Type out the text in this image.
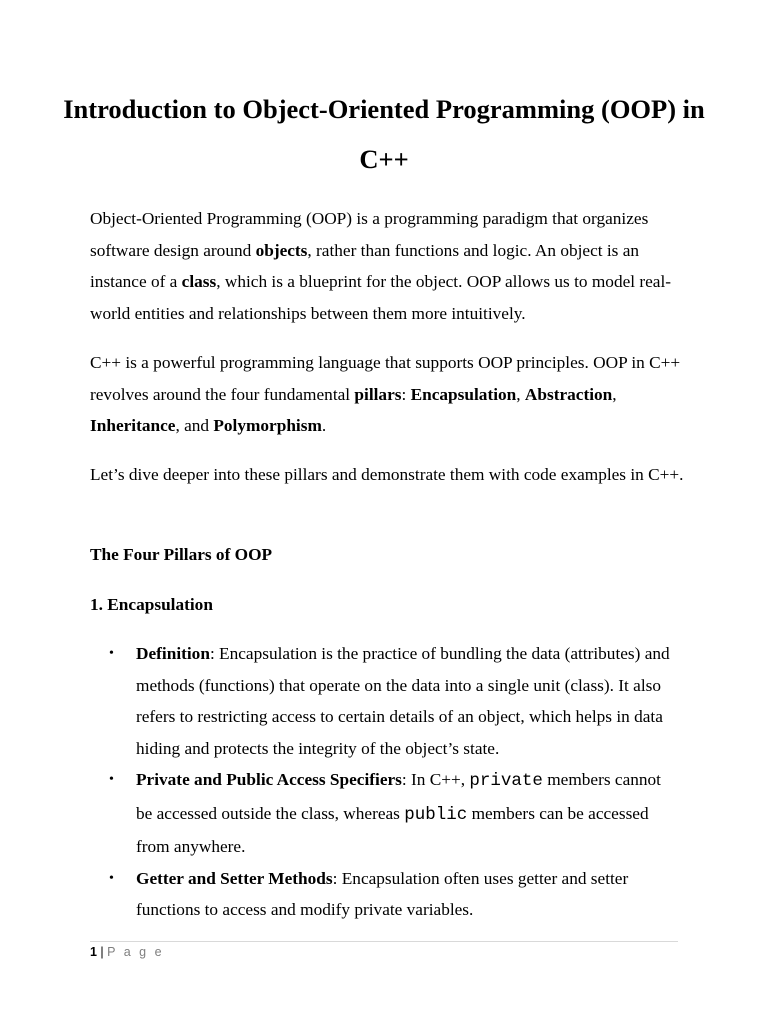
Introduction to Object-Oriented Programming (OOP) in C++

Object-Oriented Programming (OOP) is a programming paradigm that organizes software design around objects, rather than functions and logic. An object is an instance of a class, which is a blueprint for the object. OOP allows us to model real-world entities and relationships between them more intuitively.

C++ is a powerful programming language that supports OOP principles. OOP in C++ revolves around the four fundamental pillars: Encapsulation, Abstraction, Inheritance, and Polymorphism.

Let’s dive deeper into these pillars and demonstrate them with code examples in C++.

The Four Pillars of OOP
1. Encapsulation
• Definition: Encapsulation is the practice of bundling the data (attributes) and methods (functions) that operate on the data into a single unit (class). It also refers to restricting access to certain details of an object, which helps in data hiding and protects the integrity of the object’s state.
• Private and Public Access Specifiers: In C++, private members cannot be accessed outside the class, whereas public members can be accessed from anywhere.
• Getter and Setter Methods: Encapsulation often uses getter and setter functions to access and modify private variables.
1 | P a g e
